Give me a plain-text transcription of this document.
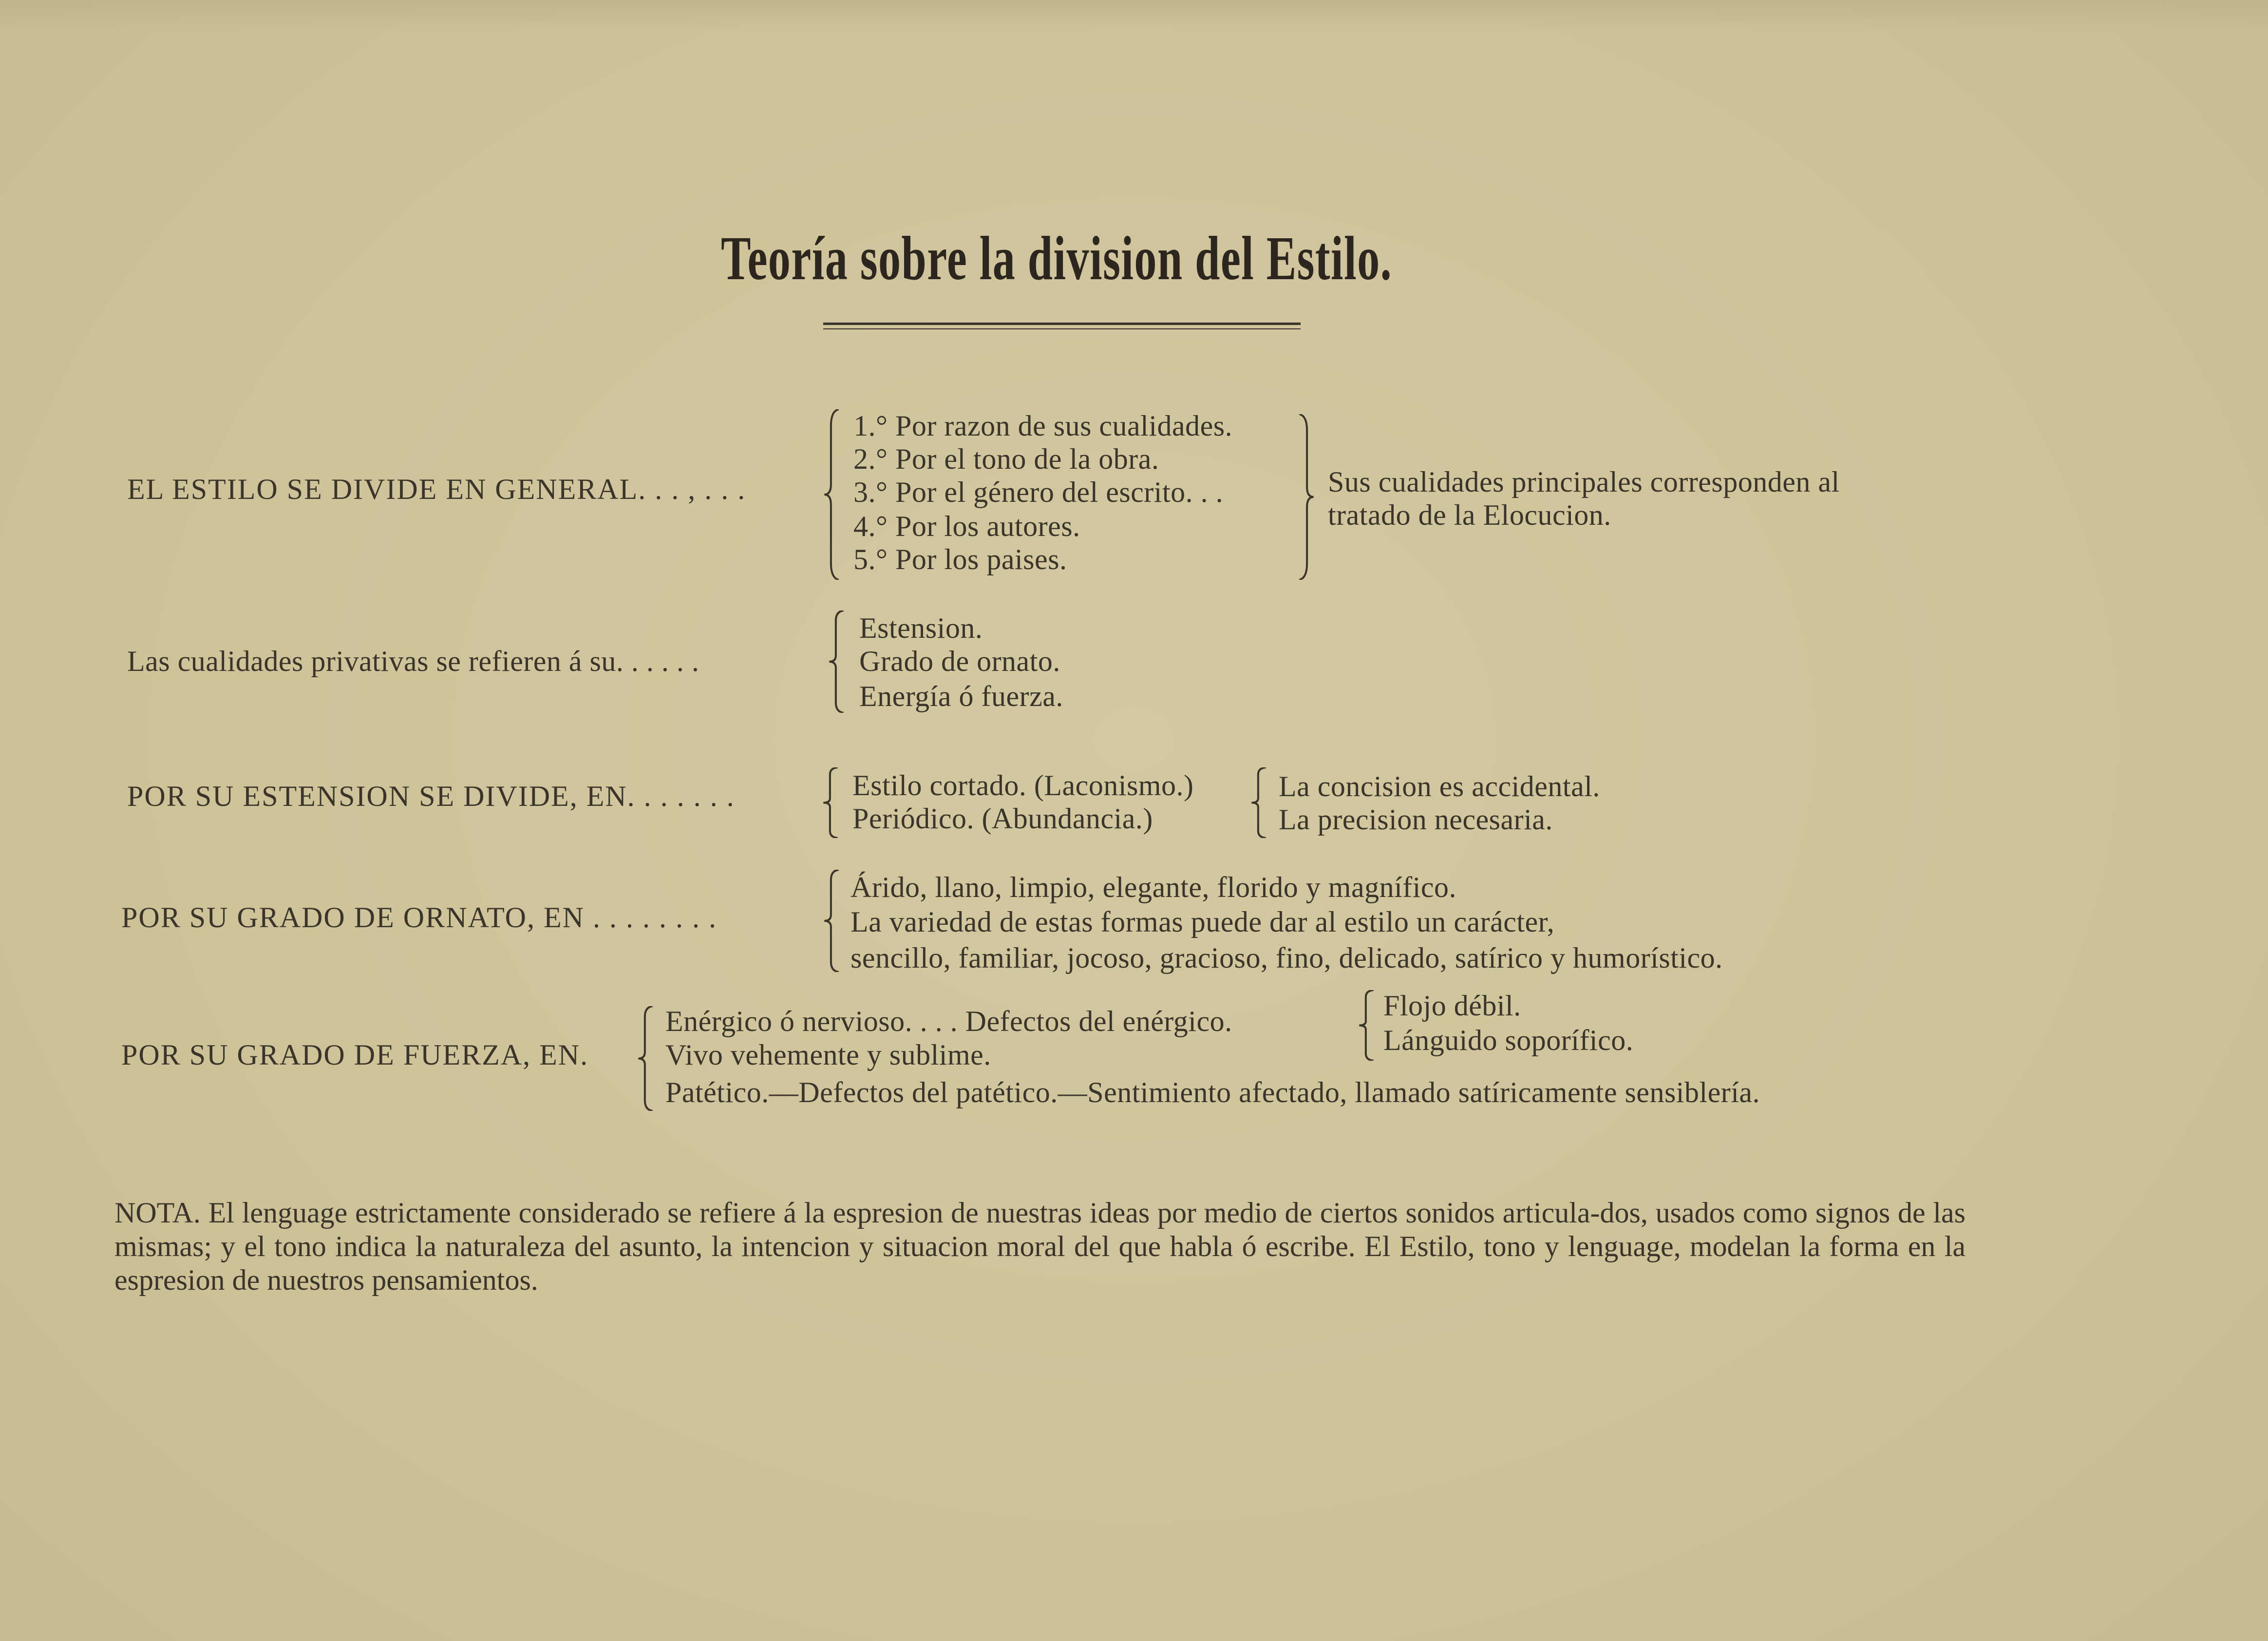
Teoría sobre la division del Estilo.
EL ESTILO SE DIVIDE EN GENERAL. . . , . . .
1.° Por razon de sus cualidades.
2.° Por el tono de la obra.
3.° Por el género del escrito. . .
4.° Por los autores.
5.° Por los paises.
Sus cualidades principales corresponden al
tratado de la Elocucion.
Las cualidades privativas se refieren á su. . . . . .
Estension.
Grado de ornato.
Energía ó fuerza.
POR SU ESTENSION SE DIVIDE, EN. . . . . . .	Estilo cortado. (Laconismo.)
Periódico. (Abundancia.)
La concision es accidental.
La precision necesaria.
POR SU GRADO DE ORNATO, EN . . . . . . . .
Árido, llano, limpio, elegante, florido y magnífico.
La variedad de estas formas puede dar al estilo un carácter,
sencillo, familiar, jocoso, gracioso, fino, delicado, satírico y humorístico.
POR SU GRADO DE FUERZA, EN.
Enérgico ó nervioso. . . . Defectos del enérgico.
Vivo vehemente y sublime.
Patético.—Defectos del patético.—Sentimiento afectado, llamado satíricamente sensiblería.
Flojo débil.
Lánguido soporífico.
NOTA. El lenguage estrictamente considerado se refiere á la espresion de nuestras ideas por medio de ciertos sonidos articula-dos, usados como signos de las mismas; y el tono indica la naturaleza del asunto, la intencion y situacion moral del que habla ó escribe. El Estilo, tono y lenguage, modelan la forma en la espresion de nuestros pensamientos.
